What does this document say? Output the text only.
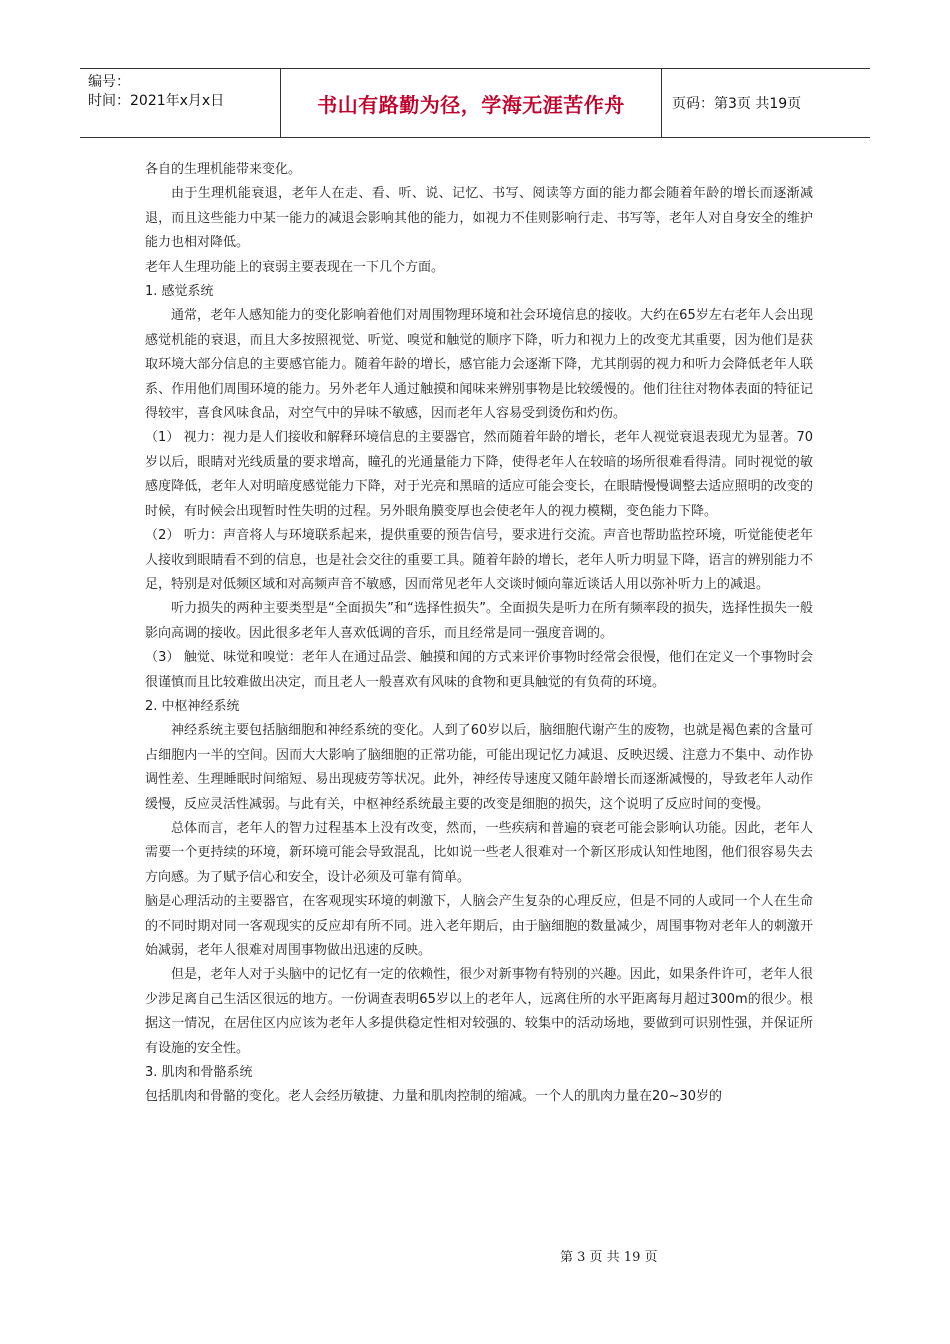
编号：
时间：2021年x月x日	书山有路勤为径，学海无涯苦作舟	页码：第3页 共19页

各自的生理机能带来变化。

由于生理机能衰退，老年人在走、看、听、说、记忆、书写、阅读等方面的能力都会随着年龄的增长而逐渐减退，而且这些能力中某一能力的减退会影响其他的能力，如视力不佳则影响行走、书写等，老年人对自身安全的维护能力也相对降低。

老年人生理功能上的衰弱主要表现在一下几个方面。

1. 感觉系统

通常，老年人感知能力的变化影响着他们对周围物理环境和社会环境信息的接收。大约在65岁左右老年人会出现感觉机能的衰退，而且大多按照视觉、听觉、嗅觉和触觉的顺序下降，听力和视力上的改变尤其重要，因为他们是获取环境大部分信息的主要感官能力。随着年龄的增长，感官能力会逐渐下降，尤其削弱的视力和听力会降低老年人联系、作用他们周围环境的能力。另外老年人通过触摸和闻味来辨别事物是比较缓慢的。他们往往对物体表面的特征记得较牢，喜食风味食品，对空气中的异味不敏感，因而老年人容易受到烫伤和灼伤。

（1） 视力：视力是人们接收和解释环境信息的主要器官，然而随着年龄的增长，老年人视觉衰退表现尤为显著。70岁以后，眼睛对光线质量的要求增高，瞳孔的光通量能力下降，使得老年人在较暗的场所很难看得清。同时视觉的敏感度降低，老年人对明暗度感觉能力下降，对于光亮和黑暗的适应可能会变长，在眼睛慢慢调整去适应照明的改变的时候，有时候会出现暂时性失明的过程。另外眼角膜变厚也会使老年人的视力模糊，变色能力下降。

（2） 听力：声音将人与环境联系起来，提供重要的预告信号，要求进行交流。声音也帮助监控环境，听觉能使老年人接收到眼睛看不到的信息，也是社会交往的重要工具。随着年龄的增长，老年人听力明显下降，语言的辨别能力不足，特别是对低频区域和对高频声音不敏感，因而常见老年人交谈时倾向靠近谈话人用以弥补听力上的减退。

听力损失的两种主要类型是“全面损失”和“选择性损失”。全面损失是听力在所有频率段的损失，选择性损失一般影向高调的接收。因此很多老年人喜欢低调的音乐，而且经常是同一强度音调的。

（3） 触觉、味觉和嗅觉：老年人在通过品尝、触摸和闻的方式来评价事物时经常会很慢，他们在定义一个事物时会很谨慎而且比较难做出决定，而且老人一般喜欢有风味的食物和更具触觉的有负荷的环境。

2. 中枢神经系统

神经系统主要包括脑细胞和神经系统的变化。人到了60岁以后，脑细胞代谢产生的废物，也就是褐色素的含量可占细胞内一半的空间。因而大大影响了脑细胞的正常功能，可能出现记忆力减退、反映迟缓、注意力不集中、动作协调性差、生理睡眠时间缩短、易出现疲劳等状况。此外，神经传导速度又随年龄增长而逐渐减慢的，导致老年人动作缓慢，反应灵活性减弱。与此有关，中枢神经系统最主要的改变是细胞的损失，这个说明了反应时间的变慢。

总体而言，老年人的智力过程基本上没有改变，然而，一些疾病和普遍的衰老可能会影响认功能。因此，老年人需要一个更持续的环境，新环境可能会导致混乱，比如说一些老人很难对一个新区形成认知性地图，他们很容易失去方向感。为了赋予信心和安全，设计必须及可靠有简单。

脑是心理活动的主要器官，在客观现实环境的刺激下，人脑会产生复杂的心理反应，但是不同的人或同一个人在生命的不同时期对同一客观现实的反应却有所不同。进入老年期后，由于脑细胞的数量减少，周围事物对老年人的刺激开始减弱，老年人很难对周围事物做出迅速的反映。

但是，老年人对于头脑中的记忆有一定的依赖性，很少对新事物有特别的兴趣。因此，如果条件许可，老年人很少涉足离自己生活区很远的地方。一份调查表明65岁以上的老年人，远离住所的水平距离每月超过300m的很少。根据这一情况，在居住区内应该为老年人多提供稳定性相对较强的、较集中的活动场地，要做到可识别性强，并保证所有设施的安全性。

3. 肌肉和骨骼系统

包括肌肉和骨骼的变化。老人会经历敏捷、力量和肌肉控制的缩减。一个人的肌肉力量在20~30岁的

第 3 页 共 19 页
